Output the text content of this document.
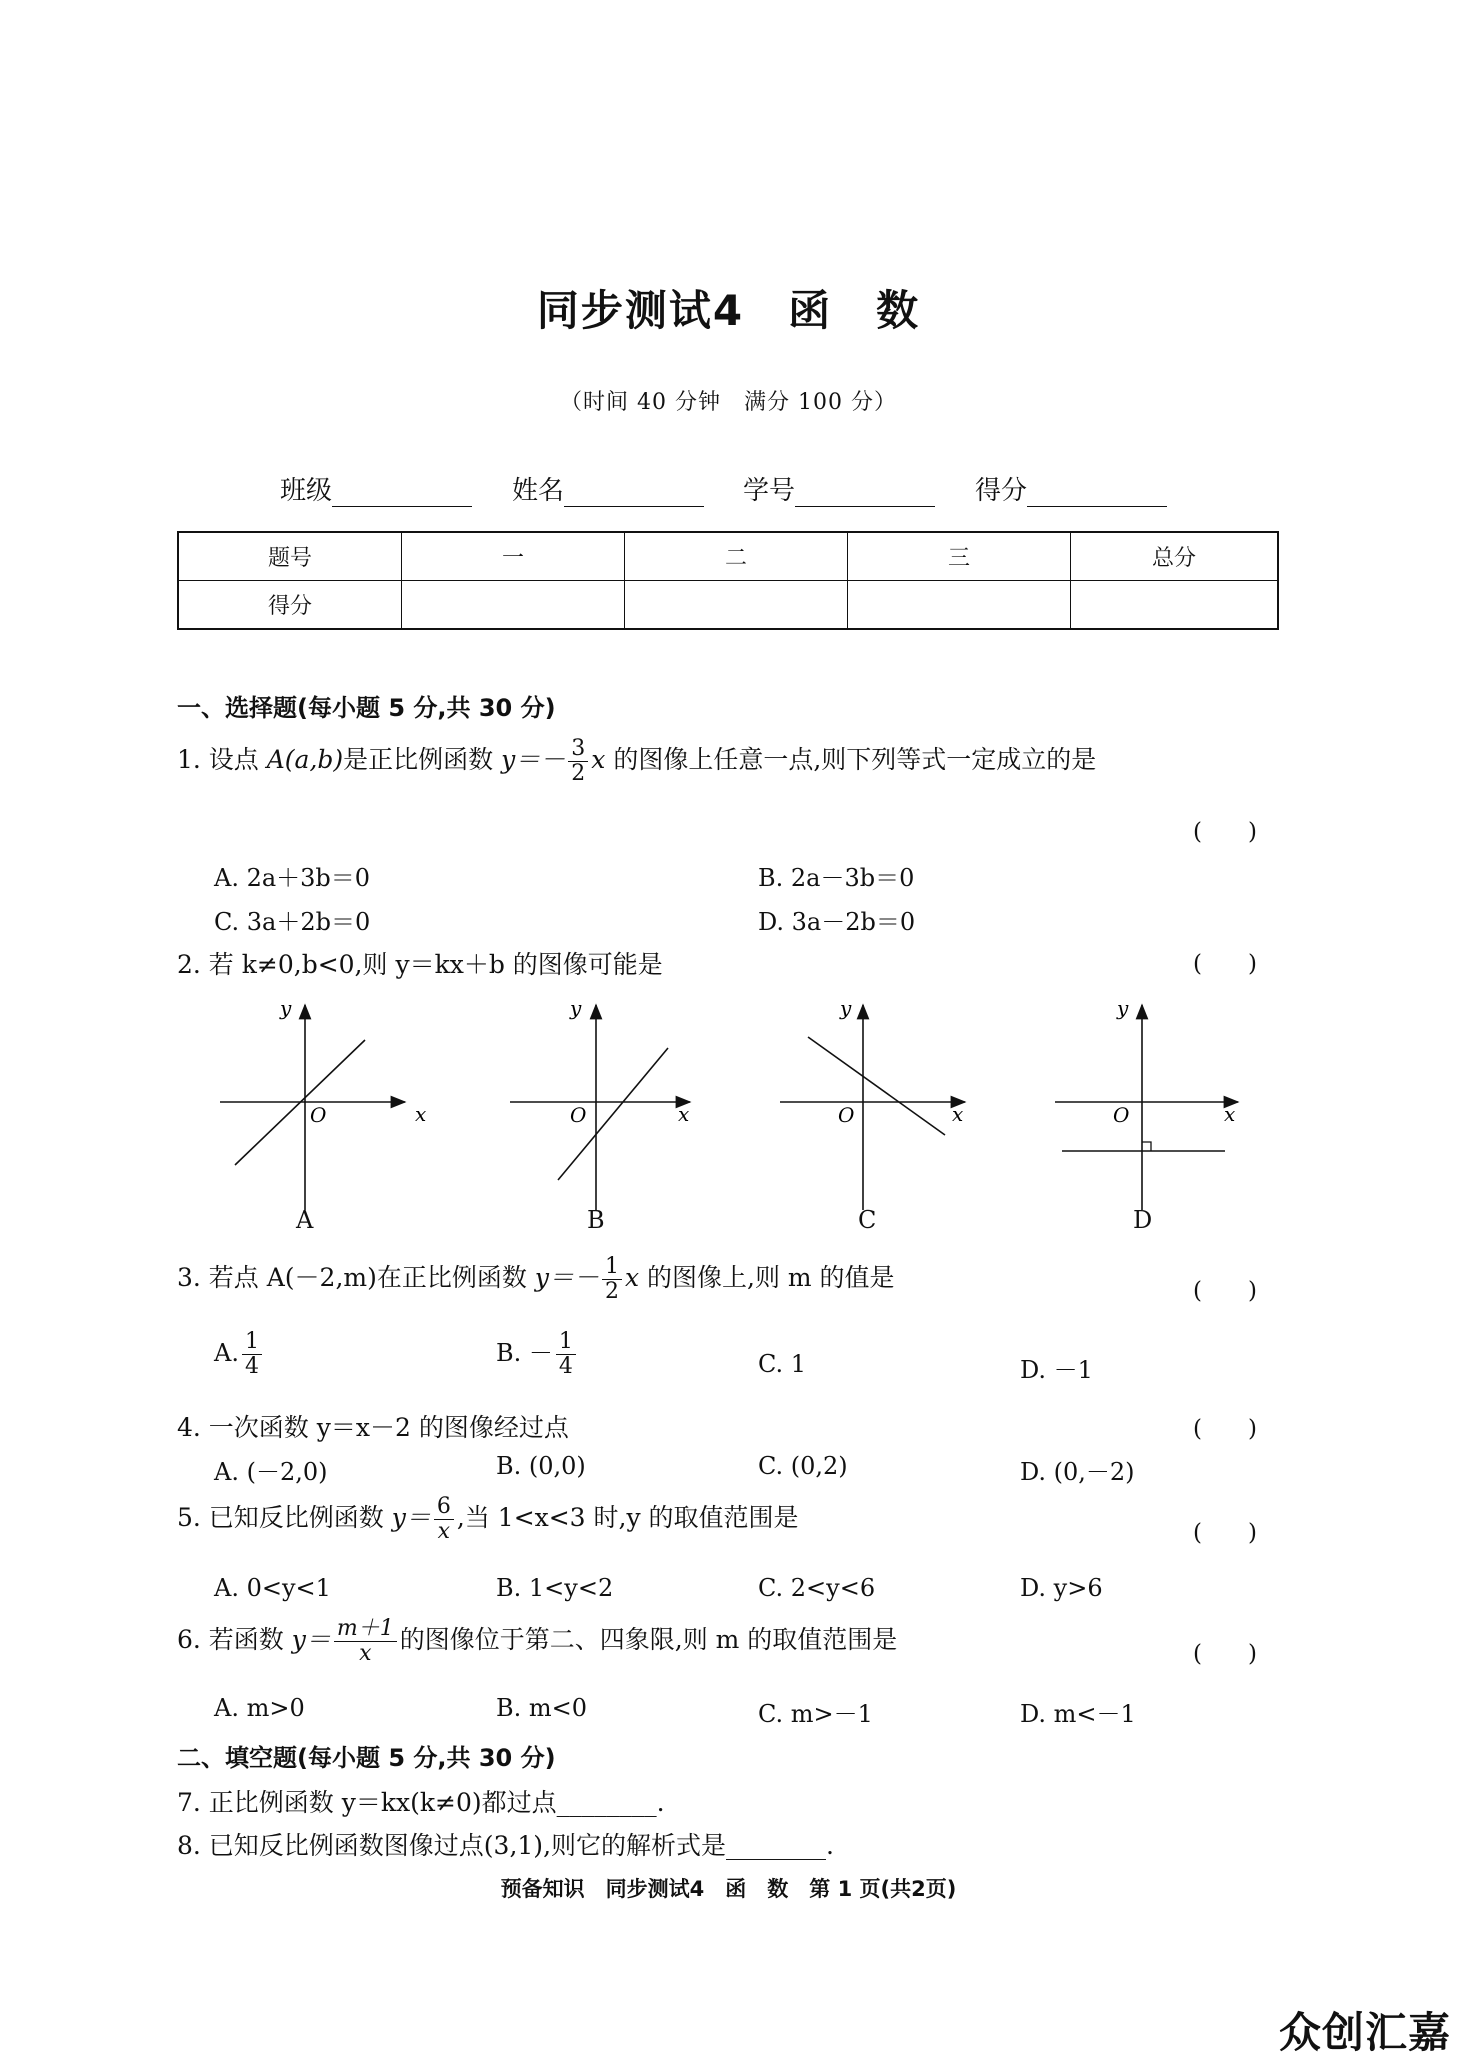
同步测试4　函　数
（时间 40 分钟　满分 100 分）
班级	姓名	学号	得分
题号	一	二	三	总分
得分				
一、选择题(每小题 5 分,共 30 分)
1. 设点 A(a,b)是正比例函数 $y=- \frac{3}{2}$ x 的图像上任意一点,则下列等式一定成立的是
(　　)
A. 2a＋3b＝0	B. 2a－3b＝0
C. 3a＋2b＝0	D. 3a－2b＝0
2. 若 k≠0,b<0,则 y＝kx＋b 的图像可能是	(　　)
x
y
O	x
y
O	x
y
O	x
y
O
A	B	C	D
3. 若点 A(－2,m)在正比例函数 $y=- \frac{1}{2}$ x 的图像上,则 m 的值是	(　　)
A. $\frac{1}{4}$	B. － $\frac{1}{4}$	C. 1	D. －1
4. 一次函数 y＝x－2 的图像经过点	(　　)
A. (－2,0)	B. (0,0)	C. (0,2)	D. (0,－2)
5. 已知反比例函数 $y= \frac{6}{x}$ ,当 1<x<3 时,y 的取值范围是
(　　)
A. 0<y<1	B. 1<y<2	C. 2<y<6	D. y>6
6. 若函数 $y= \frac{m+1}{x}$ 的图像位于第二、四象限,则 m 的取值范围是	(　　)
A. m>0	B. m<0	C. m>－1	D. m<－1
二、填空题(每小题 5 分,共 30 分)
7. 正比例函数 y＝kx(k≠0)都过点________.
8. 已知反比例函数图像过点(3,1),则它的解析式是________.
预备知识　同步测试4　函　数　第 1 页(共2页)
众创汇嘉
